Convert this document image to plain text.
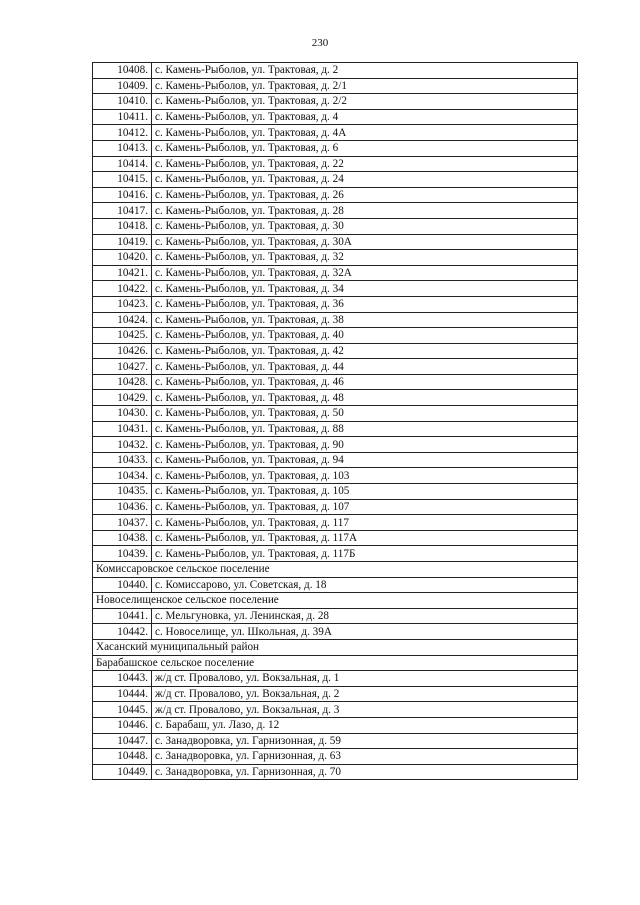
230
10408.	с. Камень-Рыболов, ул. Трактовая, д. 2
10409.	с. Камень-Рыболов, ул. Трактовая, д. 2/1
10410.	с. Камень-Рыболов, ул. Трактовая, д. 2/2
10411.	с. Камень-Рыболов, ул. Трактовая, д. 4
10412.	с. Камень-Рыболов, ул. Трактовая, д. 4А
10413.	с. Камень-Рыболов, ул. Трактовая, д. 6
10414.	с. Камень-Рыболов, ул. Трактовая, д. 22
10415.	с. Камень-Рыболов, ул. Трактовая, д. 24
10416.	с. Камень-Рыболов, ул. Трактовая, д. 26
10417.	с. Камень-Рыболов, ул. Трактовая, д. 28
10418.	с. Камень-Рыболов, ул. Трактовая, д. 30
10419.	с. Камень-Рыболов, ул. Трактовая, д. 30А
10420.	с. Камень-Рыболов, ул. Трактовая, д. 32
10421.	с. Камень-Рыболов, ул. Трактовая, д. 32А
10422.	с. Камень-Рыболов, ул. Трактовая, д. 34
10423.	с. Камень-Рыболов, ул. Трактовая, д. 36
10424.	с. Камень-Рыболов, ул. Трактовая, д. 38
10425.	с. Камень-Рыболов, ул. Трактовая, д. 40
10426.	с. Камень-Рыболов, ул. Трактовая, д. 42
10427.	с. Камень-Рыболов, ул. Трактовая, д. 44
10428.	с. Камень-Рыболов, ул. Трактовая, д. 46
10429.	с. Камень-Рыболов, ул. Трактовая, д. 48
10430.	с. Камень-Рыболов, ул. Трактовая, д. 50
10431.	с. Камень-Рыболов, ул. Трактовая, д. 88
10432.	с. Камень-Рыболов, ул. Трактовая, д. 90
10433.	с. Камень-Рыболов, ул. Трактовая, д. 94
10434.	с. Камень-Рыболов, ул. Трактовая, д. 103
10435.	с. Камень-Рыболов, ул. Трактовая, д. 105
10436.	с. Камень-Рыболов, ул. Трактовая, д. 107
10437.	с. Камень-Рыболов, ул. Трактовая, д. 117
10438.	с. Камень-Рыболов, ул. Трактовая, д. 117А
10439.	с. Камень-Рыболов, ул. Трактовая, д. 117Б
Комиссаровское сельское поселение	
10440.	с. Комиссарово, ул. Советская, д. 18
Новоселищенское сельское поселение	
10441.	с. Мельгуновка, ул. Ленинская, д. 28
10442.	с. Новоселище, ул. Школьная, д. 39А
Хасанский муниципальный район	
Барабашское сельское поселение	
10443.	ж/д ст. Провалово, ул. Вокзальная, д. 1
10444.	ж/д ст. Провалово, ул. Вокзальная, д. 2
10445.	ж/д ст. Провалово, ул. Вокзальная, д. 3
10446.	с. Барабаш, ул. Лазо, д. 12
10447.	с. Занадворовка, ул. Гарнизонная, д. 59
10448.	с. Занадворовка, ул. Гарнизонная, д. 63
10449.	с. Занадворовка, ул. Гарнизонная, д. 70
